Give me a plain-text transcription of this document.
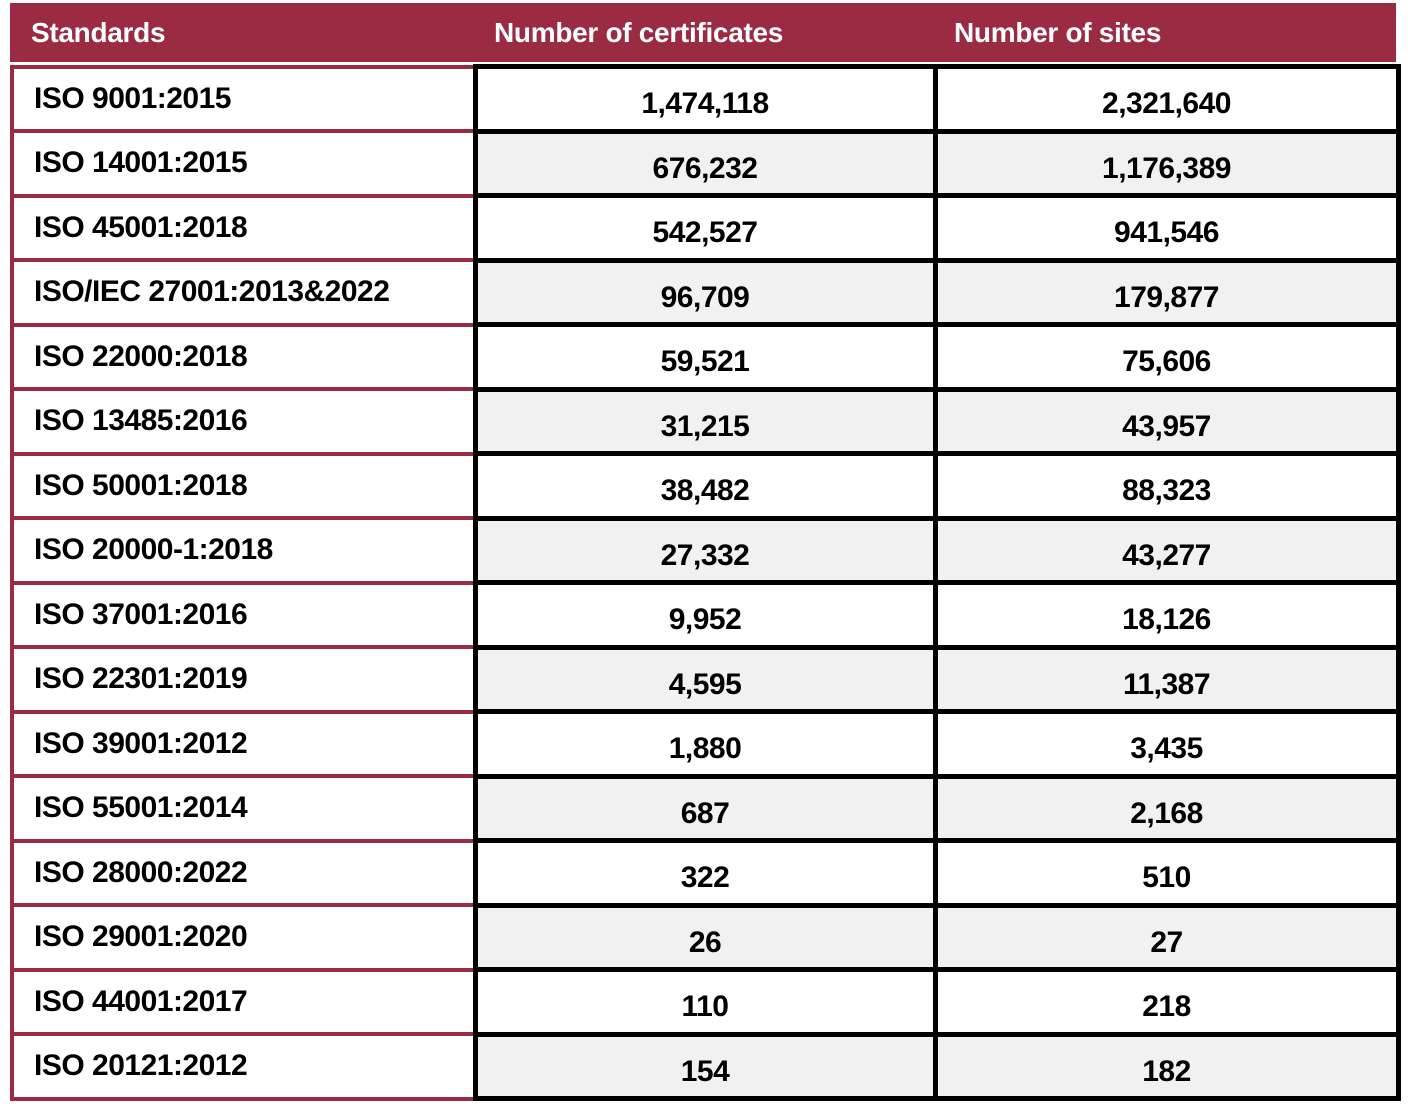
Standards	Number of certificates	Number of sites
ISO 9001:2015	1,474,118	2,321,640
ISO 14001:2015	676,232	1,176,389
ISO 45001:2018	542,527	941,546
ISO/IEC 27001:2013&2022	96,709	179,877
ISO 22000:2018	59,521	75,606
ISO 13485:2016	31,215	43,957
ISO 50001:2018	38,482	88,323
ISO 20000-1:2018	27,332	43,277
ISO 37001:2016	9,952	18,126
ISO 22301:2019	4,595	11,387
ISO 39001:2012	1,880	3,435
ISO 55001:2014	687	2,168
ISO 28000:2022	322	510
ISO 29001:2020	26	27
ISO 44001:2017	110	218
ISO 20121:2012	154	182
